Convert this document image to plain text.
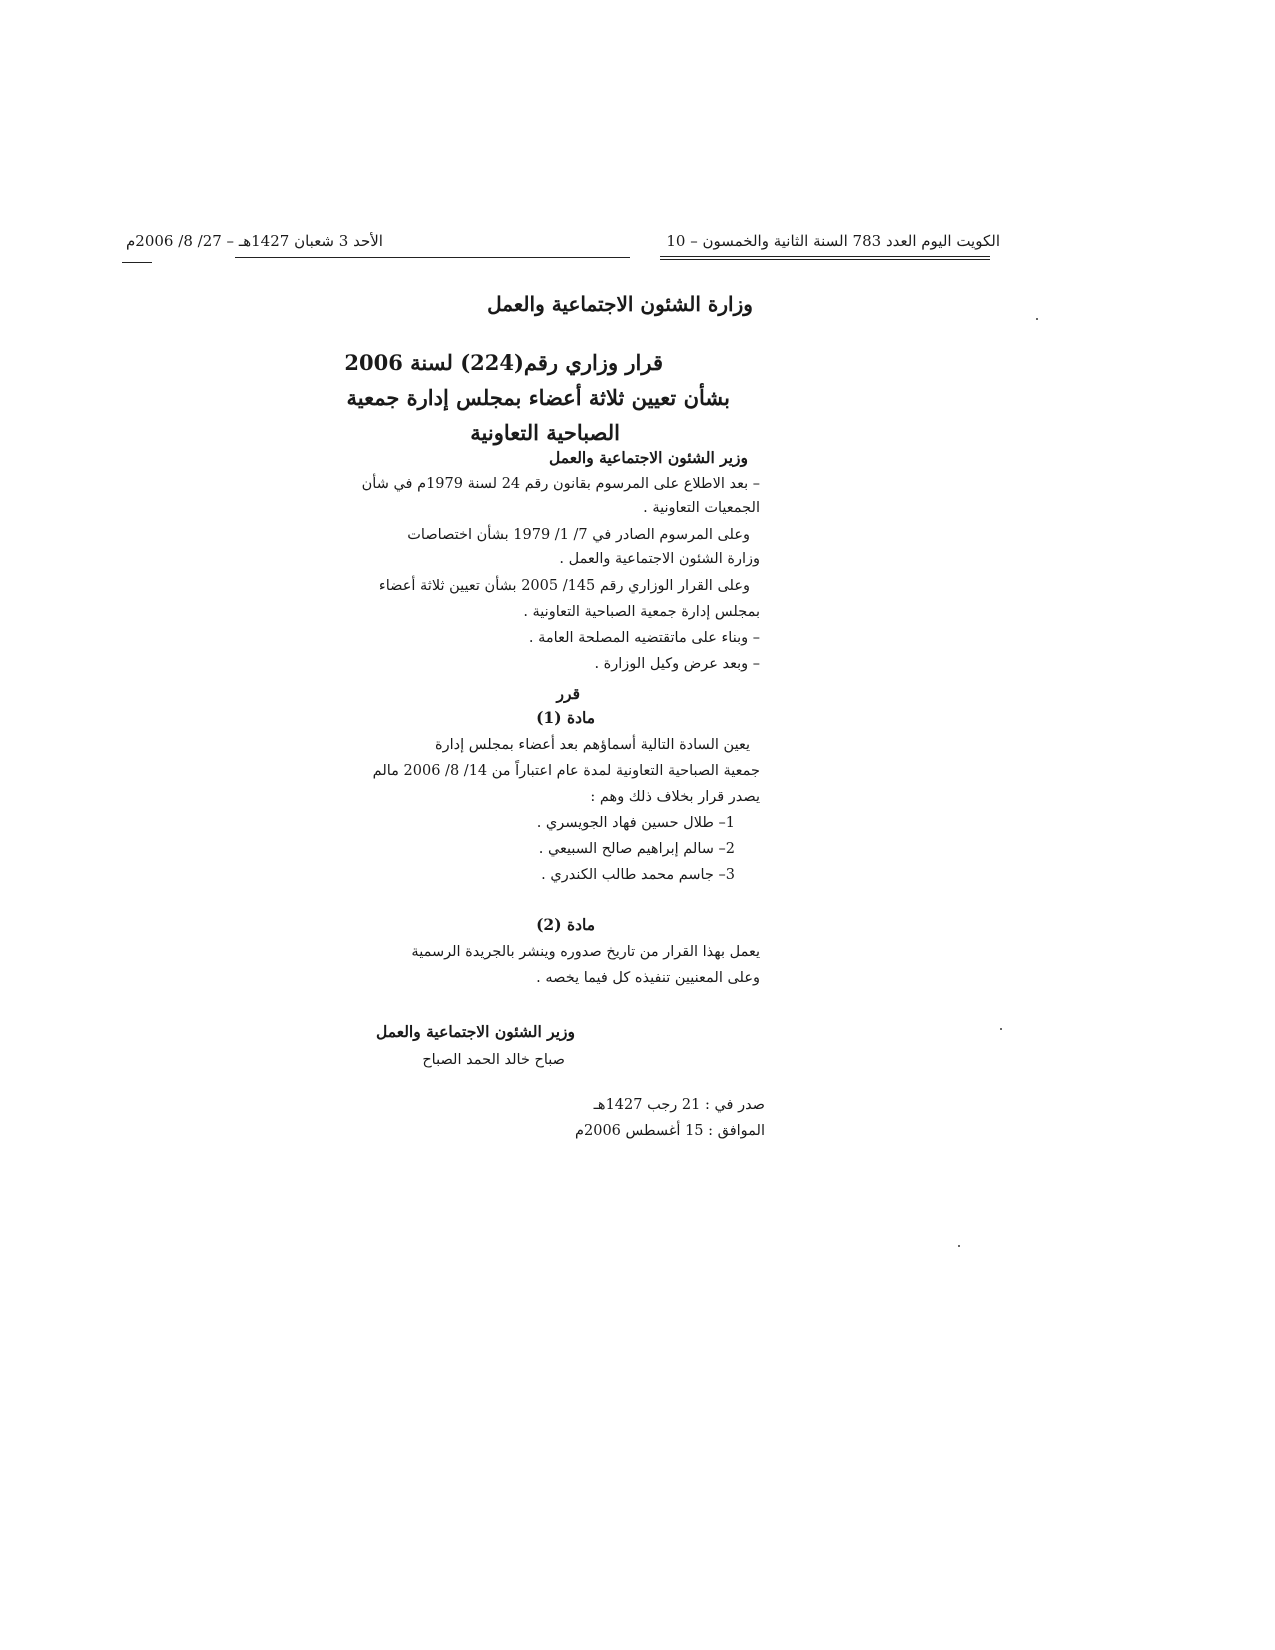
الكويت اليوم العدد 783 السنة الثانية والخمسون – 10
الأحد 3 شعبان 1427هـ – 27/ 8/ 2006م
وزارة الشئون الاجتماعية والعمل
قرار وزاري رقم(224) لسنة 2006
بشأن تعيين ثلاثة أعضاء بمجلس إدارة جمعية
الصباحية التعاونية
وزير الشئون الاجتماعية والعمل
– بعد الاطلاع على المرسوم بقانون رقم 24 لسنة 1979م في شأن
الجمعيات التعاونية .
وعلى المرسوم الصادر في 7/ 1/ 1979 بشأن اختصاصات
وزارة الشئون الاجتماعية والعمل .
وعلى القرار الوزاري رقم 145/ 2005 بشأن تعيين ثلاثة أعضاء
بمجلس إدارة جمعية الصباحية التعاونية .
– وبناء على ماتقتضيه المصلحة العامة .
– وبعد عرض وكيل الوزارة .
قرر
مادة (1)
يعين السادة التالية أسماؤهم بعد أعضاء بمجلس إدارة
جمعية الصباحية التعاونية لمدة عام اعتباراً من 14/ 8/ 2006 مالم
يصدر قرار بخلاف ذلك وهم :
1– طلال حسين فهاد الجويسري .
2– سالم إبراهيم صالح السبيعي .
3– جاسم محمد طالب الكندري .
مادة (2)
يعمل بهذا القرار من تاريخ صدوره وينشر بالجريدة الرسمية
وعلى المعنيين تنفيذه كل فيما يخصه .
وزير الشئون الاجتماعية والعمل
صباح خالد الحمد الصباح
صدر في : 21 رجب 1427هـ
الموافق : 15 أغسطس 2006م
